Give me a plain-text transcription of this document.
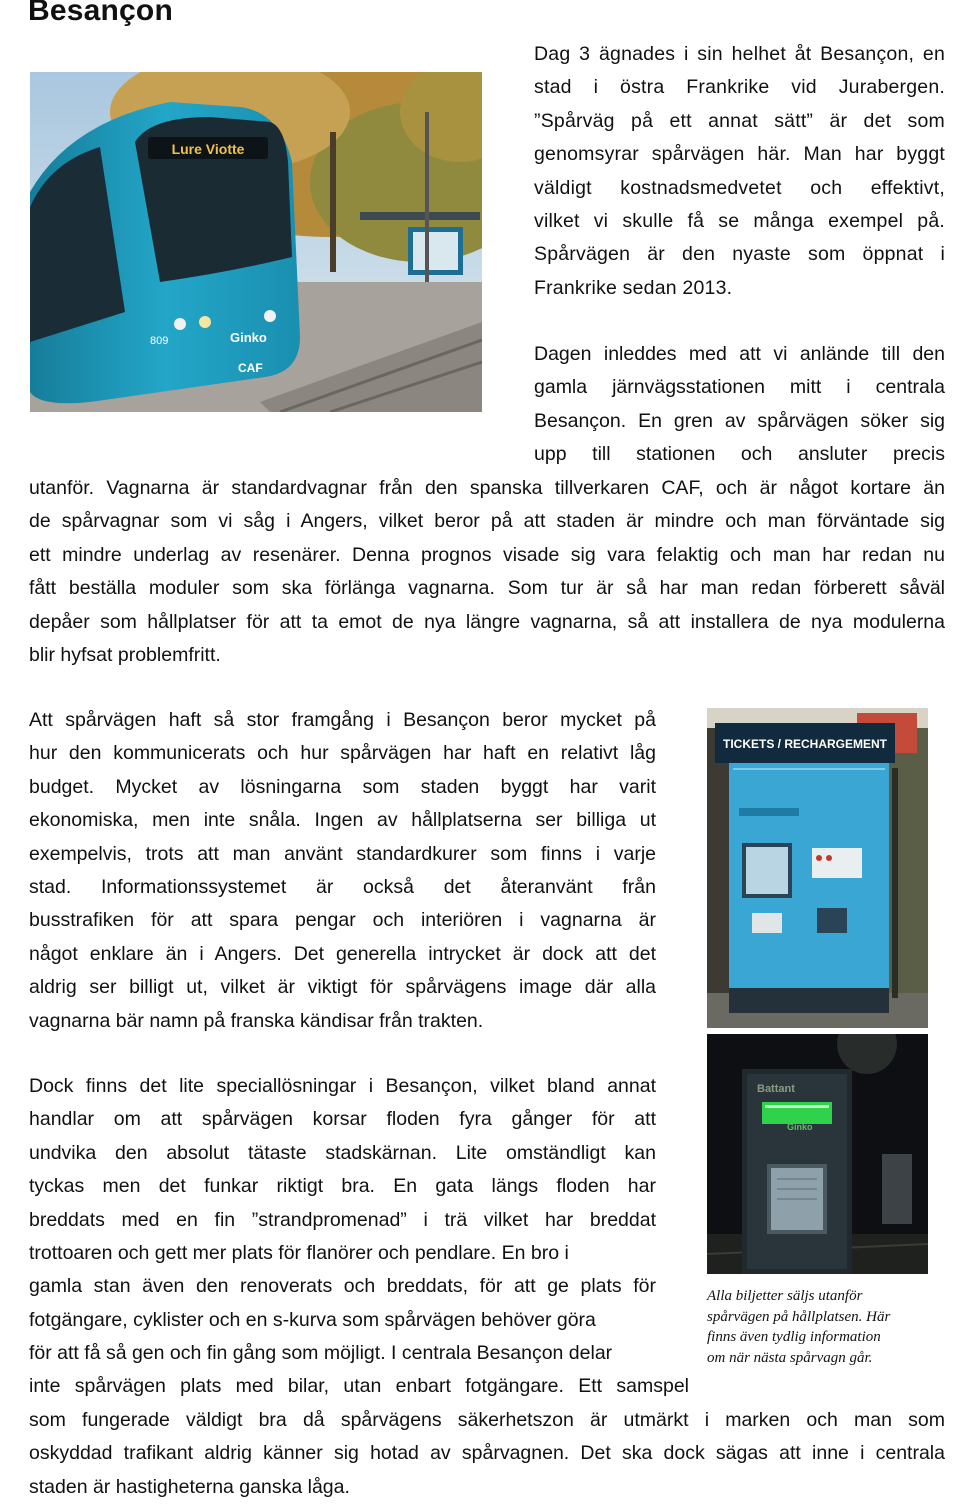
Besançon
Lure Viotte
809	Ginko
CAF
Dag 3 ägnades i sin helhet åt Besançon, en
stad i östra Frankrike vid Jurabergen.
”Spårväg på ett annat sätt” är det som
genomsyrar spårvägen här. Man har byggt
väldigt kostnadsmedvetet och effektivt,
vilket vi skulle få se många exempel på.
Spårvägen är den nyaste som öppnat i
Frankrike sedan 2013.
Dagen inleddes med att vi anlände till den
gamla järnvägsstationen mitt i centrala
Besançon. En gren av spårvägen söker sig
upp till stationen och ansluter precis
utanför. Vagnarna är standardvagnar från den spanska tillverkaren CAF, och är något kortare än
de spårvagnar som vi såg i Angers, vilket beror på att staden är mindre och man förväntade sig
ett mindre underlag av resenärer. Denna prognos visade sig vara felaktig och man har redan nu
fått beställa moduler som ska förlänga vagnarna. Som tur är så har man redan förberett såväl
depåer som hållplatser för att ta emot de nya längre vagnarna, så att installera de nya modulerna
blir hyfsat problemfritt.
Att spårvägen haft så stor framgång i Besançon beror mycket på
hur den kommunicerats och hur spårvägen har haft en relativt låg
budget. Mycket av lösningarna som staden byggt har varit
ekonomiska, men inte snåla. Ingen av hållplatserna ser billiga ut
exempelvis, trots att man använt standardkurer som finns i varje
stad. Informationssystemet är också det återanvänt från
busstrafiken för att spara pengar och interiören i vagnarna är
något enklare än i Angers. Det generella intrycket är dock att det
aldrig ser billigt ut, vilket är viktigt för spårvägens image där alla
vagnarna bär namn på franska kändisar från trakten.
TICKETS / RECHARGEMENT
Battant
Ginko
Alla biljetter säljs utanför
spårvägen på hållplatsen. Här
finns även tydlig information
om när nästa spårvagn går.
Dock finns det lite speciallösningar i Besançon, vilket bland annat
handlar om att spårvägen korsar floden fyra gånger för att
undvika den absolut tätaste stadskärnan. Lite omständligt kan
tyckas men det funkar riktigt bra. En gata längs floden har
breddats med en fin ”strandpromenad” i trä vilket har breddat
trottoaren och gett mer plats för flanörer och pendlare. En bro i
gamla stan även den renoverats och breddats, för att ge plats för
fotgängare, cyklister och en s-kurva som spårvägen behöver göra
för att få så gen och fin gång som möjligt. I centrala Besançon delar
inte spårvägen plats med bilar, utan enbart fotgängare. Ett samspel
som fungerade väldigt bra då spårvägens säkerhetszon är utmärkt i marken och man som
oskyddad trafikant aldrig känner sig hotad av spårvagnen. Det ska dock sägas att inne i centrala
staden är hastigheterna ganska låga.
